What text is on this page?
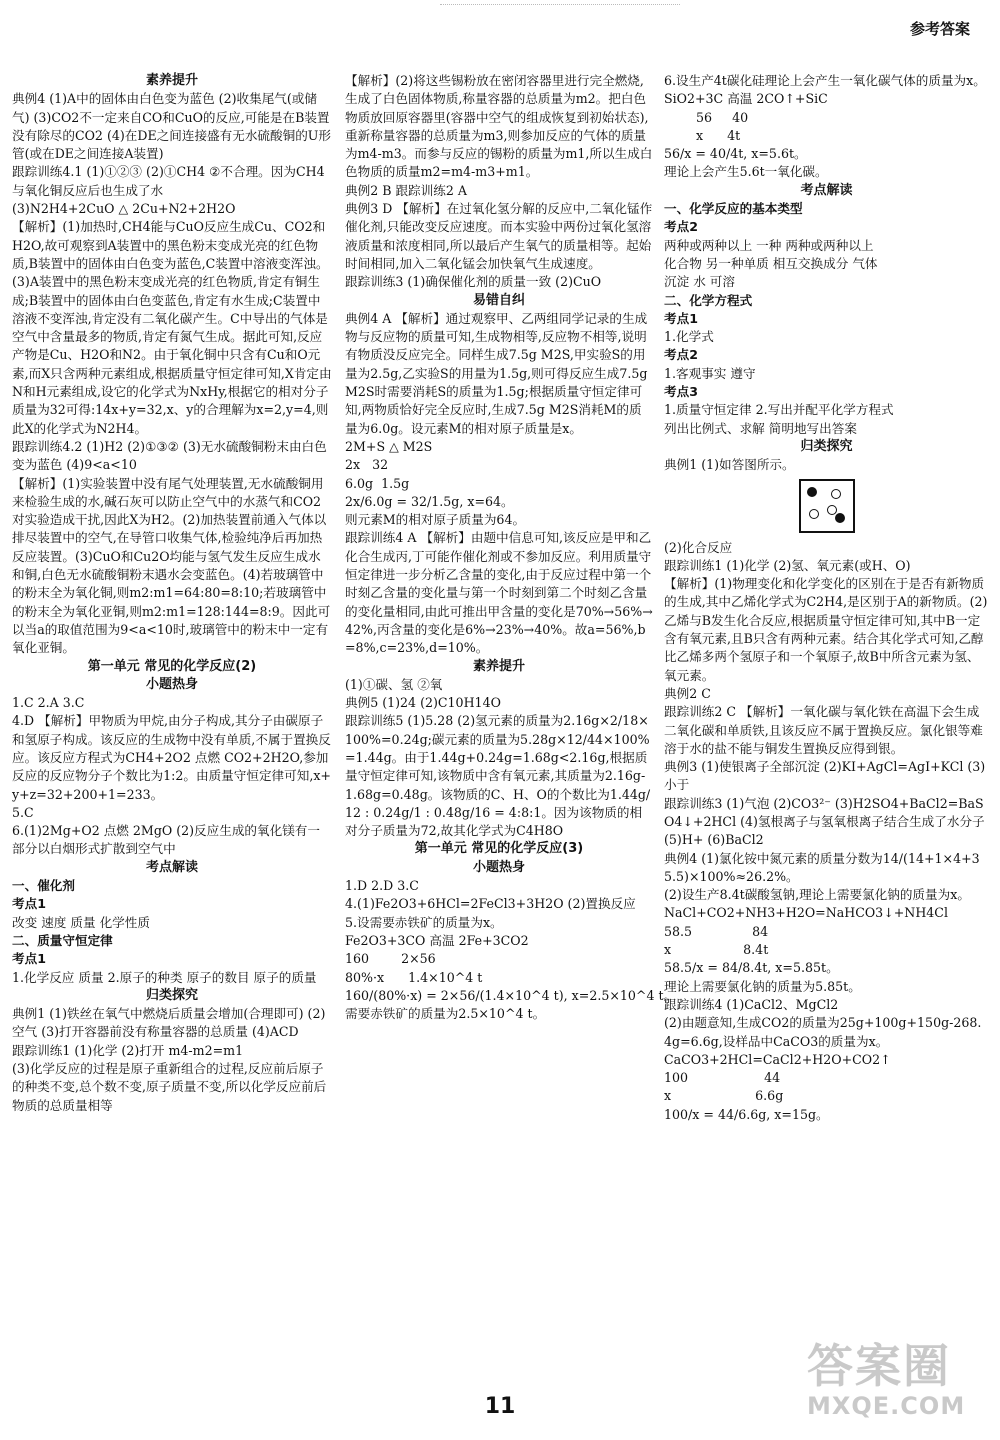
参考答案

素养提升

典例4 (1)A中的固体由白色变为蓝色 (2)收集尾气(或储气) (3)CO2不一定来自CO和CuO的反应,可能是在B装置没有除尽的CO2 (4)在DE之间连接盛有无水硫酸铜的U形管(或在DE之间连接A装置)

跟踪训练4.1 (1)①②③ (2)①CH4 ②不合理。因为CH4与氧化铜反应后也生成了水

(3)N2H4+2CuO △ 2Cu+N2+2H2O

【解析】(1)加热时,CH4能与CuO反应生成Cu、CO2和H2O,故可观察到A装置中的黑色粉末变成光亮的红色物质,B装置中的固体由白色变为蓝色,C装置中溶液变浑浊。(3)A装置中的黑色粉末变成光亮的红色物质,肯定有铜生成;B装置中的固体由白色变蓝色,肯定有水生成;C装置中溶液不变浑浊,肯定没有二氧化碳产生。C中导出的气体是空气中含量最多的物质,肯定有氮气生成。据此可知,反应产物是Cu、H2O和N2。由于氧化铜中只含有Cu和O元素,而X只含两种元素组成,根据质量守恒定律可知,X肯定由N和H元素组成,设它的化学式为NxHy,根据它的相对分子质量为32可得:14x+y=32,x、y的合理解为x=2,y=4,则此X的化学式为N2H4。

跟踪训练4.2 (1)H2 (2)①③② (3)无水硫酸铜粉末由白色变为蓝色 (4)9<a<10

【解析】(1)实验装置中没有尾气处理装置,无水硫酸铜用来检验生成的水,碱石灰可以防止空气中的水蒸气和CO2对实验造成干扰,因此X为H2。(2)加热装置前通入气体以排尽装置中的空气,在导管口收集气体,检验纯净后再加热反应装置。(3)CuO和Cu2O均能与氢气发生反应生成水和铜,白色无水硫酸铜粉末遇水会变蓝色。(4)若玻璃管中的粉末全为氧化铜,则m2:m1=64:80=8:10;若玻璃管中的粉末全为氧化亚铜,则m2:m1=128:144=8:9。因此可以当a的取值范围为9<a<10时,玻璃管中的粉末中一定有氧化亚铜。

第一单元 常见的化学反应(2)

小题热身

1.C 2.A 3.C

4.D 【解析】甲物质为甲烷,由分子构成,其分子由碳原子和氢原子构成。该反应的生成物中没有单质,不属于置换反应。该反应方程式为CH4+2O2 点燃 CO2+2H2O,参加反应的反应物分子个数比为1:2。由质量守恒定律可知,x+y+z=32+200+1=233。

5.C

6.(1)2Mg+O2 点燃 2MgO (2)反应生成的氧化镁有一部分以白烟形式扩散到空气中

考点解读

一、催化剂

考点1

改变 速度 质量 化学性质

二、质量守恒定律

考点1

1.化学反应 质量 2.原子的种类 原子的数目 原子的质量

归类探究

典例1 (1)铁丝在氧气中燃烧后质量会增加(合理即可) (2)空气 (3)打开容器前没有称量容器的总质量 (4)ACD

跟踪训练1 (1)化学 (2)打开 m4-m2=m1

(3)化学反应的过程是原子重新组合的过程,反应前后原子的种类不变,总个数不变,原子质量不变,所以化学反应前后物质的总质量相等

【解析】(2)将这些锡粉放在密闭容器里进行完全燃烧,生成了白色固体物质,称量容器的总质量为m2。把白色物质放回原容器里(容器中空气的组成恢复到初始状态),重新称量容器的总质量为m3,则参加反应的气体的质量为m4-m3。而参与反应的锡粉的质量为m1,所以生成白色物质的质量m2=m4-m3+m1。

典例2 B 跟踪训练2 A

典例3 D 【解析】在过氧化氢分解的反应中,二氧化锰作催化剂,只能改变反应速度。而本实验中两份过氧化氢溶液质量和浓度相同,所以最后产生氧气的质量相等。起始时间相同,加入二氧化锰会加快氧气生成速度。

跟踪训练3 (1)确保催化剂的质量一致 (2)CuO

易错自纠

典例4 A 【解析】通过观察甲、乙两组同学记录的生成物与反应物的质量可知,生成物相等,反应物不相等,说明有物质没反应完全。同样生成7.5g M2S,甲实验S的用量为2.5g,乙实验S的用量为1.5g,则可得反应生成7.5g M2S时需要消耗S的质量为1.5g;根据质量守恒定律可知,两物质恰好完全反应时,生成7.5g M2S消耗M的质量为6.0g。设元素M的相对原子质量是x。

2M+S △ M2S

2x   32

6.0g  1.5g

2x/6.0g = 32/1.5g, x=64。

则元素M的相对原子质量为64。

跟踪训练4 A 【解析】由题中信息可知,该反应是甲和乙化合生成丙,丁可能作催化剂或不参加反应。利用质量守恒定律进一步分析乙含量的变化,由于反应过程中第一个时刻乙含量的变化量与第一个时刻到第二个时刻乙含量的变化量相同,由此可推出甲含量的变化是70%→56%→42%,丙含量的变化是6%→23%→40%。故a=56%,b=8%,c=23%,d=10%。

素养提升

(1)①碳、氢 ②氧

典例5 (1)24 (2)C10H14O

跟踪训练5 (1)5.28 (2)氢元素的质量为2.16g×2/18×100%=0.24g;碳元素的质量为5.28g×12/44×100%=1.44g。由于1.44g+0.24g=1.68g<2.16g,根据质量守恒定律可知,该物质中含有氧元素,其质量为2.16g-1.68g=0.48g。该物质的C、H、O的个数比为1.44g/12 : 0.24g/1 : 0.48g/16 = 4:8:1。因为该物质的相对分子质量为72,故其化学式为C4H8O

第一单元 常见的化学反应(3)

小题热身

1.D 2.D 3.C

4.(1)Fe2O3+6HCl=2FeCl3+3H2O (2)置换反应

5.设需要赤铁矿的质量为x。

Fe2O3+3CO 高温 2Fe+3CO2

160        2×56

80%·x      1.4×10^4 t

160/(80%·x) = 2×56/(1.4×10^4 t), x=2.5×10^4 t。

需要赤铁矿的质量为2.5×10^4 t。

6.设生产4t碳化硅理论上会产生一氧化碳气体的质量为x。

SiO2+3C 高温 2CO↑+SiC

56     40

x      4t

56/x = 40/4t, x=5.6t。

理论上会产生5.6t一氧化碳。

考点解读

一、化学反应的基本类型

考点2

两种或两种以上 一种 两种或两种以上

化合物 另一种单质 相互交换成分 气体

沉淀 水 可溶

二、化学方程式

考点1

1.化学式

考点2

1.客观事实 遵守

考点3

1.质量守恒定律 2.写出并配平化学方程式

列出比例式、求解 简明地写出答案

归类探究

典例1 (1)如答图所示。

(2)化合反应

跟踪训练1 (1)化学 (2)氢、氧元素(或H、O)

【解析】(1)物理变化和化学变化的区别在于是否有新物质的生成,其中乙烯化学式为C2H4,是区别于A的新物质。(2)乙烯与B发生化合反应,根据质量守恒定律可知,其中B一定含有氧元素,且B只含有两种元素。结合其化学式可知,乙醇比乙烯多两个氢原子和一个氧原子,故B中所含元素为氢、氧元素。

典例2 C

跟踪训练2 C 【解析】一氧化碳与氧化铁在高温下会生成二氧化碳和单质铁,且该反应不属于置换反应。氯化银等难溶于水的盐不能与铜发生置换反应得到银。

典例3 (1)使银离子全部沉淀 (2)KI+AgCl=AgI+KCl (3)小于

跟踪训练3 (1)气泡 (2)CO3²⁻ (3)H2SO4+BaCl2=BaSO4↓+2HCl (4)氢根离子与氢氧根离子结合生成了水分子 (5)H+ (6)BaCl2

典例4 (1)氯化铵中氮元素的质量分数为14/(14+1×4+35.5)×100%≈26.2%。

(2)设生产8.4t碳酸氢钠,理论上需要氯化钠的质量为x。

NaCl+CO2+NH3+H2O=NaHCO3↓+NH4Cl

58.5               84

x                  8.4t

58.5/x = 84/8.4t, x=5.85t。

理论上需要氯化钠的质量为5.85t。

跟踪训练4 (1)CaCl2、MgCl2

(2)由题意知,生成CO2的质量为25g+100g+150g-268.4g=6.6g,设样品中CaCO3的质量为x。

CaCO3+2HCl=CaCl2+H2O+CO2↑

100                   44

x                     6.6g

100/x = 44/6.6g, x=15g。

11
答案圈
MXQE.COM
